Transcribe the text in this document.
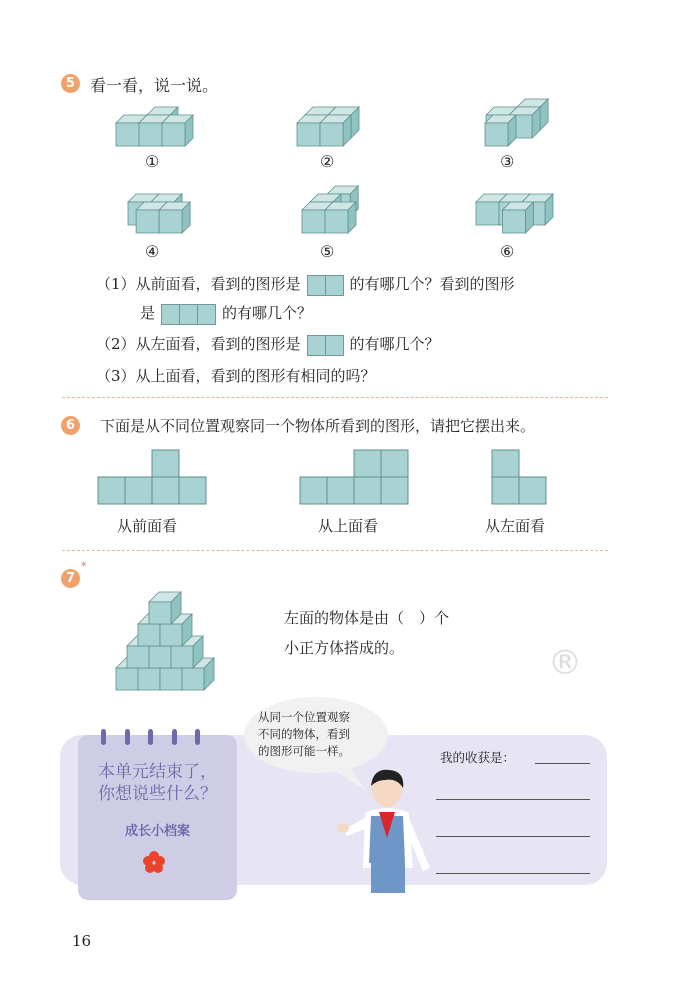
5 看一看，说一说。
①	②	③
④	⑤	⑥
（1）从前面看，看到的图形是	的有哪几个？看到的图形
是	的有哪几个？
（2）从左面看，看到的图形是	的有哪几个？
（3）从上面看，看到的图形有相同的吗？
6	下面是从不同位置观察同一个物体所看到的图形，请把它摆出来。
从前面看	从上面看	从左面看
7
*
左面的物体是由（　）个
小正方体搭成的。	®
本单元结束了，
你想说些什么？
成长小档案
从同一个位置观察
不同的物体，看到
的图形可能一样。	我的收获是：
16
